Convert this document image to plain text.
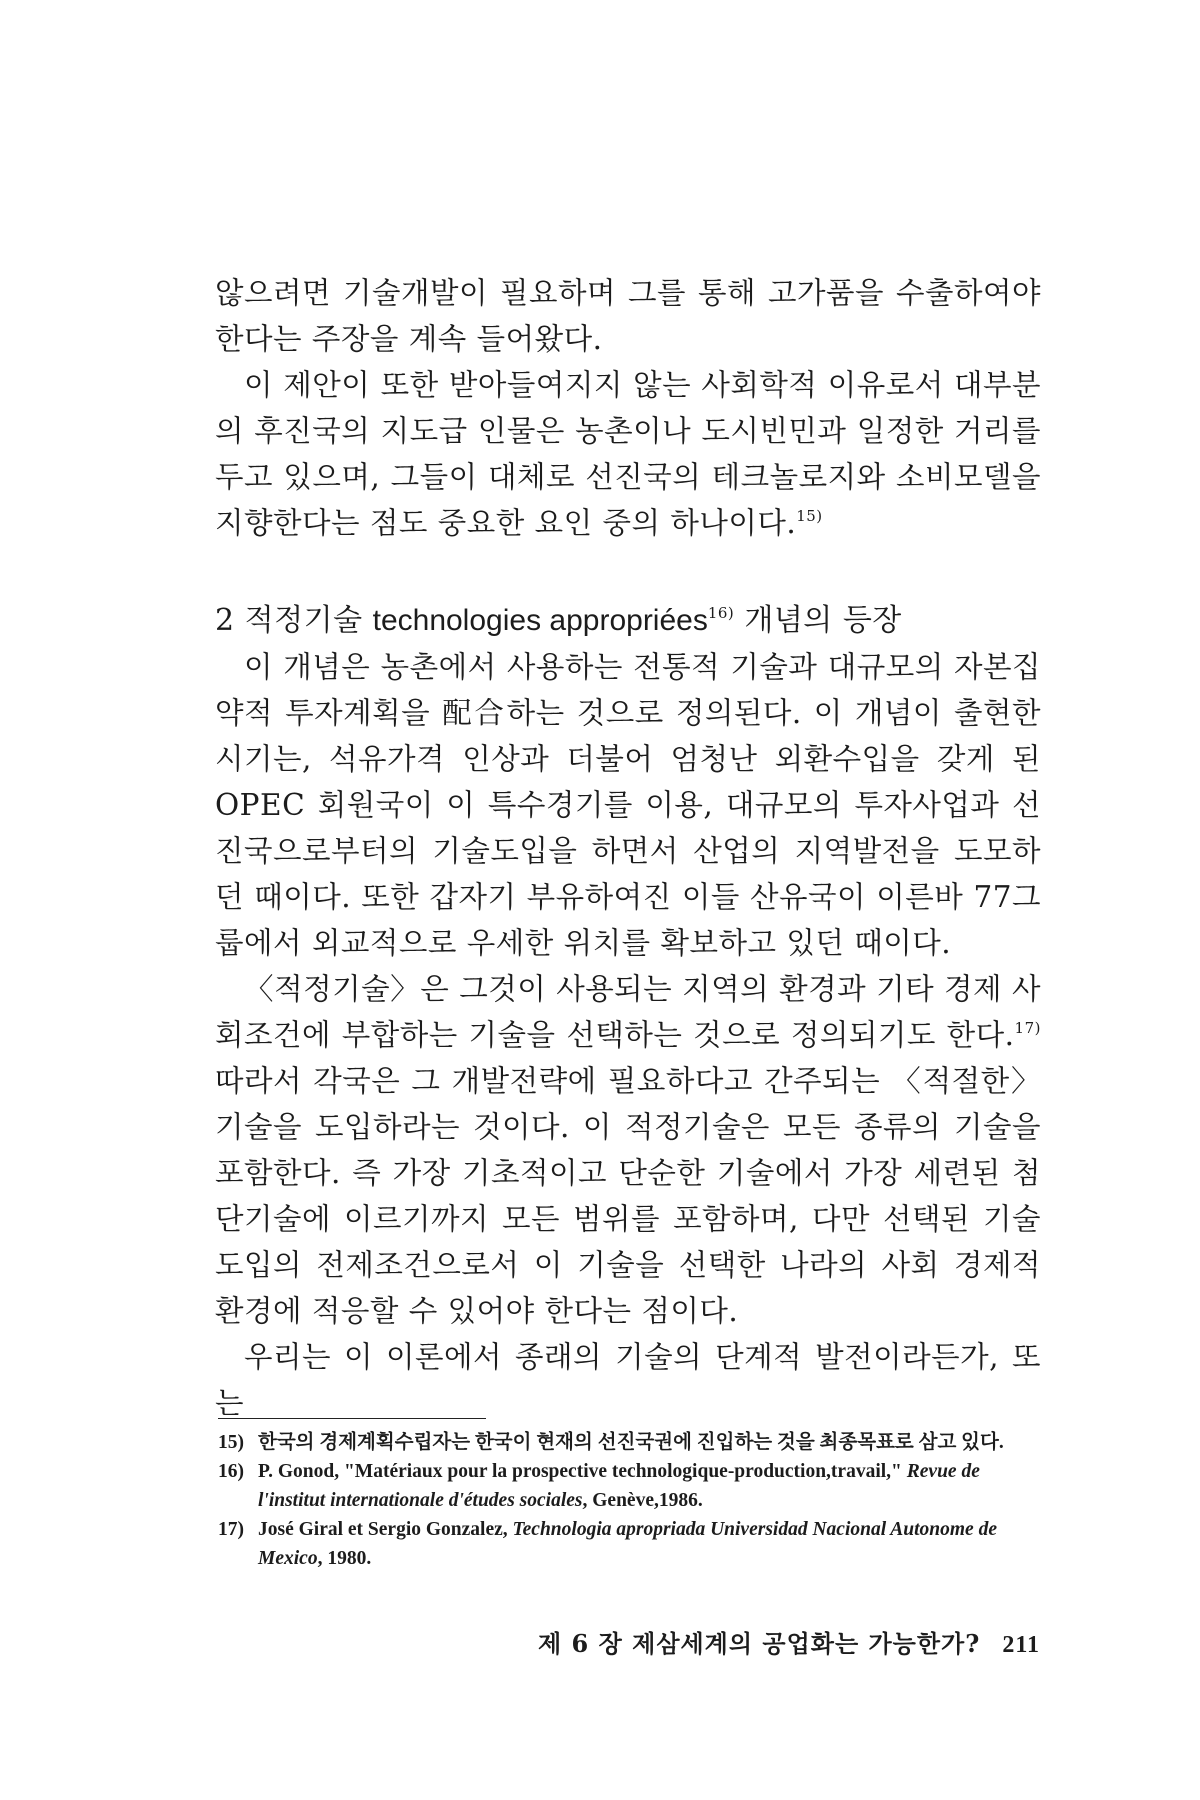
않으려면 기술개발이 필요하며 그를 통해 고가품을 수출하여야 한다는 주장을 계속 들어왔다.

이 제안이 또한 받아들여지지 않는 사회학적 이유로서 대부분의 후진국의 지도급 인물은 농촌이나 도시빈민과 일정한 거리를 두고 있으며, 그들이 대체로 선진국의 테크놀로지와 소비모델을 지향한다는 점도 중요한 요인 중의 하나이다.$^{15)}$

2 적정기술 technologies appropriées$^{16)}$ 개념의 등장

이 개념은 농촌에서 사용하는 전통적 기술과 대규모의 자본집약적 투자계획을 配合하는 것으로 정의된다. 이 개념이 출현한 시기는, 석유가격 인상과 더불어 엄청난 외환수입을 갖게 된 OPEC 회원국이 이 특수경기를 이용, 대규모의 투자사업과 선진국으로부터의 기술도입을 하면서 산업의 지역발전을 도모하던 때이다. 또한 갑자기 부유하여진 이들 산유국이 이른바 77그룹에서 외교적으로 우세한 위치를 확보하고 있던 때이다.

〈적정기술〉은 그것이 사용되는 지역의 환경과 기타 경제 사회조건에 부합하는 기술을 선택하는 것으로 정의되기도 한다.$^{17)}$ 따라서 각국은 그 개발전략에 필요하다고 간주되는 〈적절한〉 기술을 도입하라는 것이다. 이 적정기술은 모든 종류의 기술을 포함한다. 즉 가장 기초적이고 단순한 기술에서 가장 세련된 첨단기술에 이르기까지 모든 범위를 포함하며, 다만 선택된 기술도입의 전제조건으로서 이 기술을 선택한 나라의 사회 경제적 환경에 적응할 수 있어야 한다는 점이다.

우리는 이 이론에서 종래의 기술의 단계적 발전이라든가, 또는

15) 한국의 경제계획수립자는 한국이 현재의 선진국권에 진입하는 것을 최종목표로 삼고 있다.
16) P. Gonod, "Matériaux pour la prospective technologique-production,travail," Revue de l'institut internationale d'études sociales, Genève,1986.
17) José Giral et Sergio Gonzalez, Technologia apropriada Universidad Nacional Autonome de Mexico, 1980.
제 6 장 제삼세계의 공업화는 가능한가? 211
